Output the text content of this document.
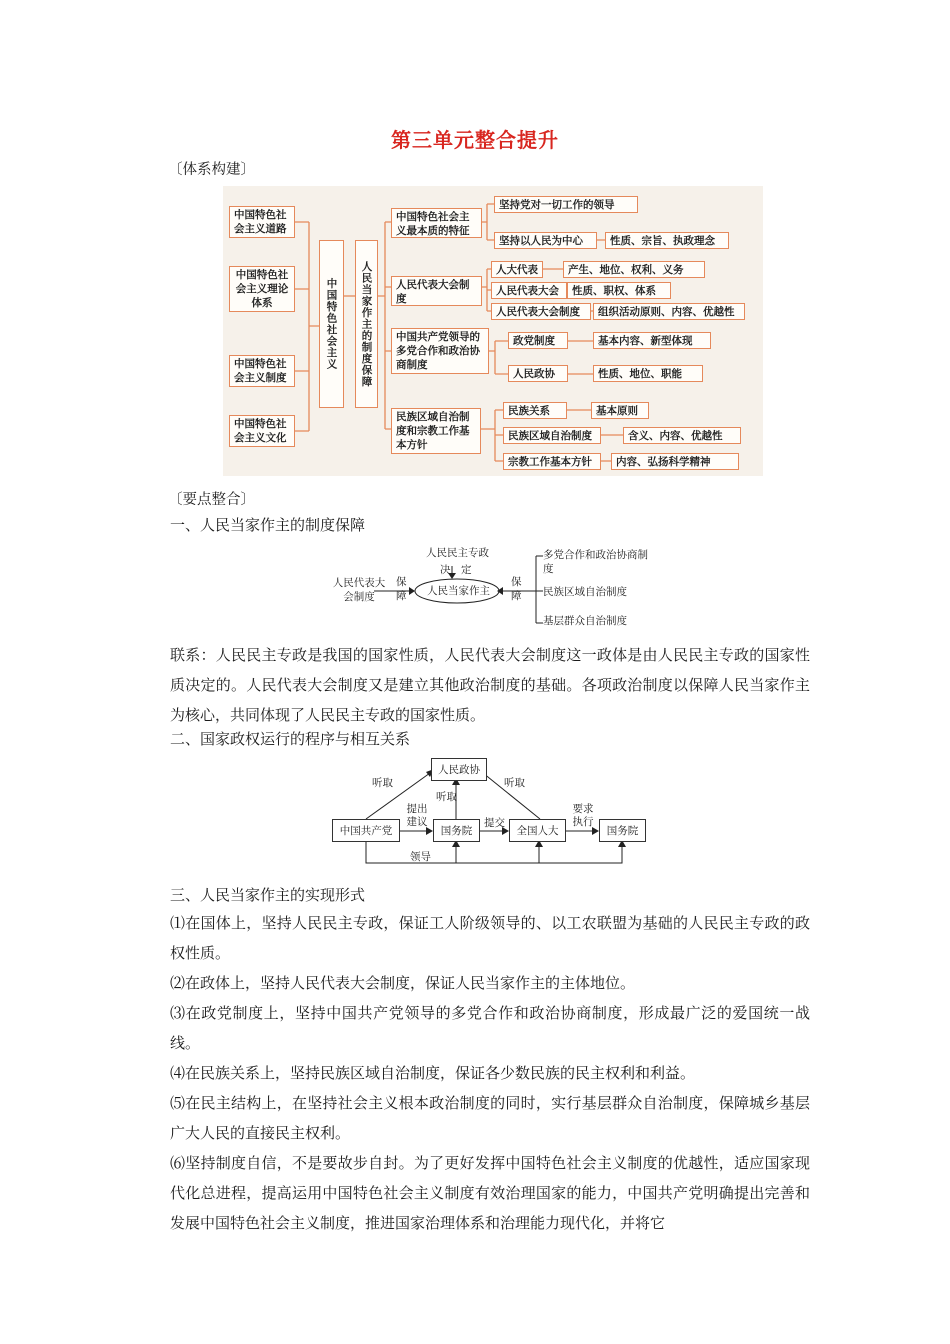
第三单元整合提升
〔体系构建〕
中国特色社会主义道路
中国特色社会主义理论体系
中国特色社会主义制度
中国特色社会主义文化
中国特色社会主义	人民当家作主的制度保障
中国特色社会主义最本质的特征
坚持党对一切工作的领导
坚持以人民为中心	性质、宗旨、执政理念
人民代表大会制度
人大代表	产生、地位、权利、义务
人民代表大会	性质、职权、体系
人民代表大会制度	组织活动原则、内容、优越性
中国共产党领导的多党合作和政治协商制度
政党制度	基本内容、新型体现
人民政协	性质、地位、职能
民族区域自治制度和宗教工作基本方针
民族关系	基本原则
民族区域自治制度	含义、内容、优越性
宗教工作基本方针	内容、弘扬科学精神
〔要点整合〕
一、人民当家作主的制度保障
人民民主专政
决　定
人民代表大会制度
保障	人民当家作主
保障
多党合作和政治协商制度
民族区域自治制度
基层群众自治制度
联系：人民民主专政是我国的国家性质，人民代表大会制度这一政体是由人民民主专政的国家性质决定的。人民代表大会制度又是建立其他政治制度的基础。各项政治制度以保障人民当家作主为核心，共同体现了人民民主专政的国家性质。
二、国家政权运行的程序与相互关系
人民政协
中国共产党	国务院	全国人大	国务院
听取
听取
听取
提出建议	提交
要求执行
领导
三、人民当家作主的实现形式
⑴在国体上，坚持人民民主专政，保证工人阶级领导的、以工农联盟为基础的人民民主专政的政权性质。
⑵在政体上，坚持人民代表大会制度，保证人民当家作主的主体地位。
⑶在政党制度上，坚持中国共产党领导的多党合作和政治协商制度，形成最广泛的爱国统一战线。
⑷在民族关系上，坚持民族区域自治制度，保证各少数民族的民主权利和利益。
⑸在民主结构上，在坚持社会主义根本政治制度的同时，实行基层群众自治制度，保障城乡基层广大人民的直接民主权利。
⑹坚持制度自信，不是要故步自封。为了更好发挥中国特色社会主义制度的优越性，适应国家现代化总进程，提高运用中国特色社会主义制度有效治理国家的能力，中国共产党明确提出完善和发展中国特色社会主义制度，推进国家治理体系和治理能力现代化，并将它
